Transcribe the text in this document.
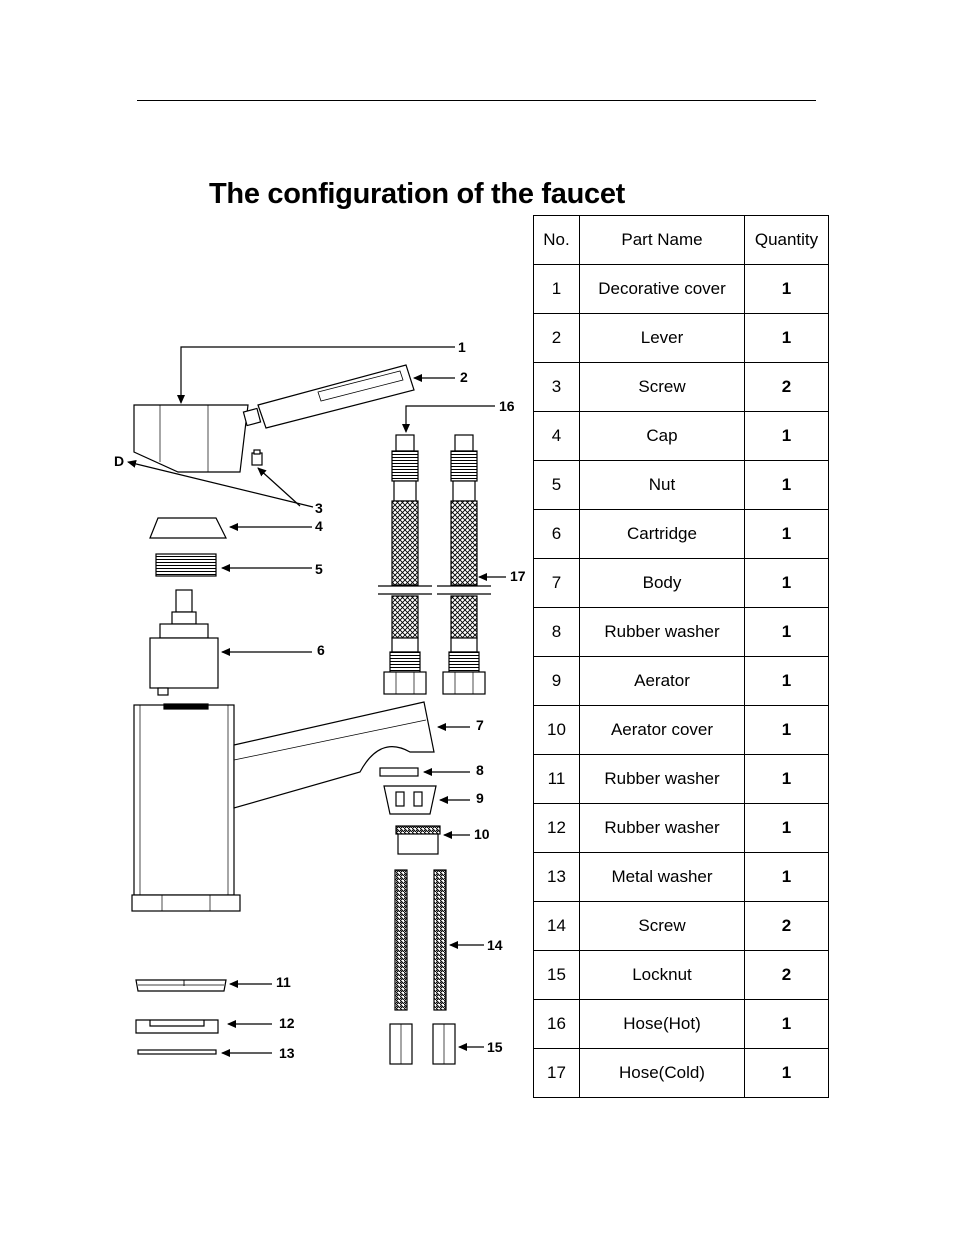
The configuration of the faucet
1
2
3
D
4
5
6
7
8
9
10
16
17
14
15
11
12
13
No.	Part Name	Quantity
1	Decorative cover	1
2	Lever	1
3	Screw	2
4	Cap	1
5	Nut	1
6	Cartridge	1
7	Body	1
8	Rubber washer	1
9	Aerator	1
10	Aerator cover	1
11	Rubber washer	1
12	Rubber washer	1
13	Metal washer	1
14	Screw	2
15	Locknut	2
16	Hose(Hot)	1
17	Hose(Cold)	1
